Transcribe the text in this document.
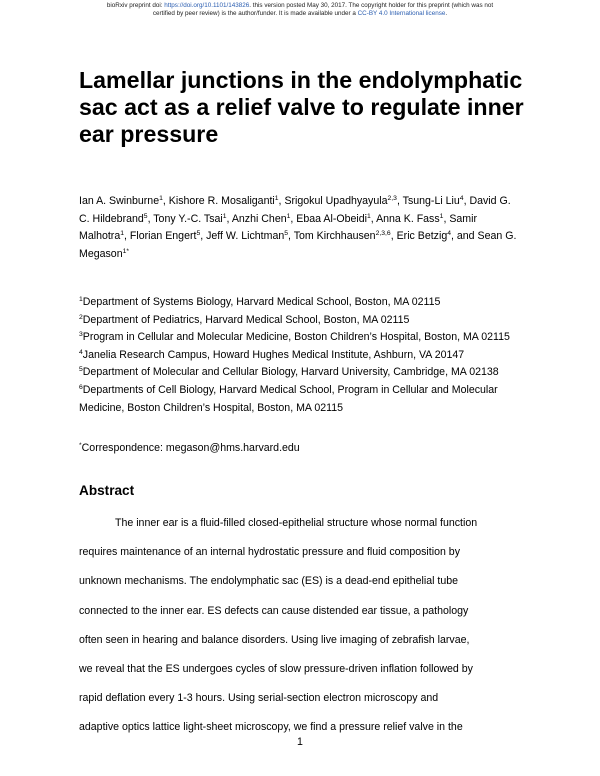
bioRxiv preprint doi: https://doi.org/10.1101/143826. this version posted May 30, 2017. The copyright holder for this preprint (which was not
certified by peer review) is the author/funder. It is made available under a CC-BY 4.0 International license.
Lamellar junctions in the endolymphatic sac act as a relief valve to regulate inner ear pressure

Ian A. Swinburne$^1$, Kishore R. Mosaliganti$^1$, Srigokul Upadhyayula$^{2,3}$, Tsung-Li Liu$^4$, David G. C. Hildebrand$^5$, Tony Y.-C. Tsai$^1$, Anzhi Chen$^1$, Ebaa Al-Obeidi$^1$, Anna K. Fass$^1$, Samir Malhotra$^1$, Florian Engert$^5$, Jeff W. Lichtman$^5$, Tom Kirchhausen$^{2,3,6}$, Eric Betzig$^4$, and Sean G. Megason$^{1*}$

$^1$Department of Systems Biology, Harvard Medical School, Boston, MA 02115
$^2$Department of Pediatrics, Harvard Medical School, Boston, MA 02115
$^3$Program in Cellular and Molecular Medicine, Boston Children’s Hospital, Boston, MA 02115
$^4$Janelia Research Campus, Howard Hughes Medical Institute, Ashburn, VA 20147
$^5$Department of Molecular and Cellular Biology, Harvard University, Cambridge, MA 02138
$^6$Departments of Cell Biology, Harvard Medical School, Program in Cellular and Molecular Medicine, Boston Children’s Hospital, Boston, MA 02115

*Correspondence: megason@hms.harvard.edu

Abstract
The inner ear is a fluid-filled closed-epithelial structure whose normal function
requires maintenance of an internal hydrostatic pressure and fluid composition by
unknown mechanisms. The endolymphatic sac (ES) is a dead-end epithelial tube
connected to the inner ear. ES defects can cause distended ear tissue, a pathology
often seen in hearing and balance disorders. Using live imaging of zebrafish larvae,
we reveal that the ES undergoes cycles of slow pressure-driven inflation followed by
rapid deflation every 1-3 hours. Using serial-section electron microscopy and
adaptive optics lattice light-sheet microscopy, we find a pressure relief valve in the
1
